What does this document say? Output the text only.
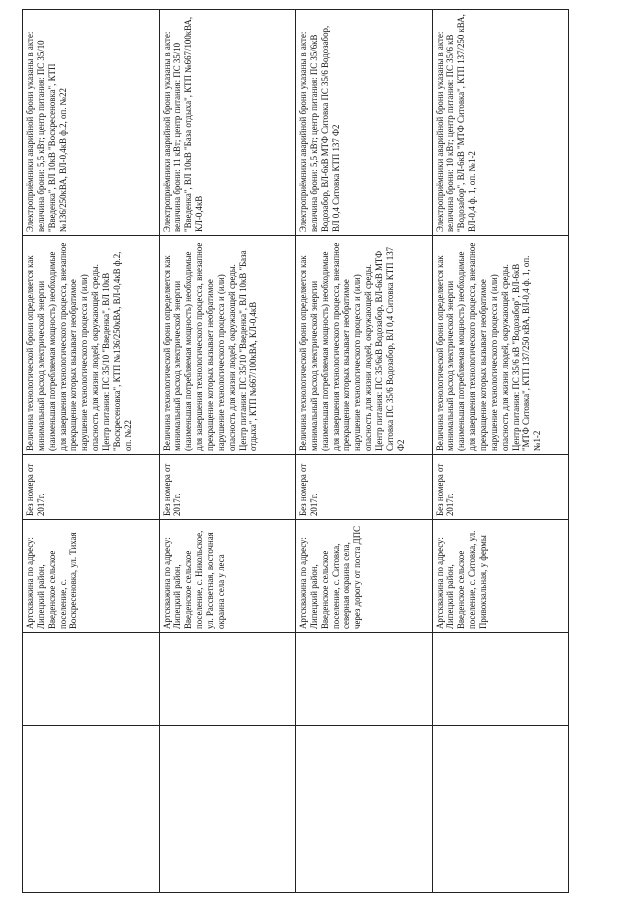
		Артскважина по адресу: Липецкий район, Введенское сельское поселение, с. Воскресеновка, ул. Тихая	Без номера от 2017г.	Величина технологической брони определяется как минимальный расход электрической энергии (наименьшая потребляемая мощность) необходимые для завершения технологического процесса, внезапное прекращение которых вызывает необратимое нарушение технологического процесса и (или) опасность для жизни людей, окружающей среды. Центр питания: ПС 35/10 "Введенка", ВЛ 10кВ "Воскресеновка", КТП №136/250кВА, ВЛ-0,4кВ ф.2, оп. №22	Электроприёмники аварийной брони указаны в акте: величина брони: 5,5 кВт; центр питания: ПС 35/10 "Введенка", ВЛ 10кВ "Воскресеновка", КТП №136/250кВА, ВЛ-0,4кВ ф.2, оп. №22
		Артскважина по адресу: Липецкий район, Введенское сельское поселение, с. Никольское, ул. Рассветная, восточная окраина села у леса	Без номера от 2017г.	Величина технологической брони определяется как минимальный расход электрической энергии (наименьшая потребляемая мощность) необходимые для завершения технологического процесса, внезапное прекращение которых вызывает необратимое нарушение технологического процесса и (или) опасность для жизни людей, окружающей среды. Центр питания: ПС 35/10 "Введенка", ВЛ 10кВ "База отдыха", КТП №667/100кВА, КЛ-0,4кВ	Электроприёмники аварийной брони указаны в акте: величина брони: 11 кВт; центр питания: ПС 35/10 "Введенка", ВЛ 10кВ "База отдыха", КТП №667/100кВА, КЛ-0,4кВ
		Артскважина по адресу: Липецкий район, Введенское сельское поселение, с. Ситовка, северная окраина села, через дорогу от поста ДПС	Без номера от 2017г.	Величина технологической брони определяется как минимальный расход электрической энергии (наименьшая потребляемая мощность) необходимые для завершения технологического процесса, внезапное прекращение которых вызывает необратимое нарушение технологического процесса и (или) опасность для жизни людей, окружающей среды. Центр питания: ПС 35/6кВ Водозабор, ВЛ-6кВ МТФ Ситовка ПС 35/6 Водозабор, ВЛ 0,4 Ситовка КТП 137 Ф2	Электроприёмники аварийной брони указаны в акте: величина брони: 5,5 кВт; центр питания: ПС 35/6кВ Водозабор, ВЛ-6кВ МТФ Ситовка ПС 35/6 Водозабор, ВЛ 0,4 Ситовка КТП 137 Ф2
		Артскважина по адресу: Липецкий район, Введенское сельское поселение, с. Ситовка, ул. Привокзальная, у фермы	Без номера от 2017г.	Величина технологической брони определяется как минимальный расход электрической энергии (наименьшая потребляемая мощность) необходимые для завершения технологического процесса, внезапное прекращение которых вызывает необратимое нарушение технологического процесса и (или) опасность для жизни людей, окружающей среды. Центр питания: ПС 35/6 кВ "Водозабор", ВЛ-6кВ "МТФ Ситовка", КТП 137/250 кВА, ВЛ-0,4 ф. 1, оп. №1-2	Электроприёмники аварийной брони указаны в акте: величина брони: 10 кВт; центр питания: ПС 35/6 кВ "Водозабор", ВЛ-6кВ "МТФ Ситовка", КТП 137/250 кВА, ВЛ-0,4 ф. 1, оп. №1-2
